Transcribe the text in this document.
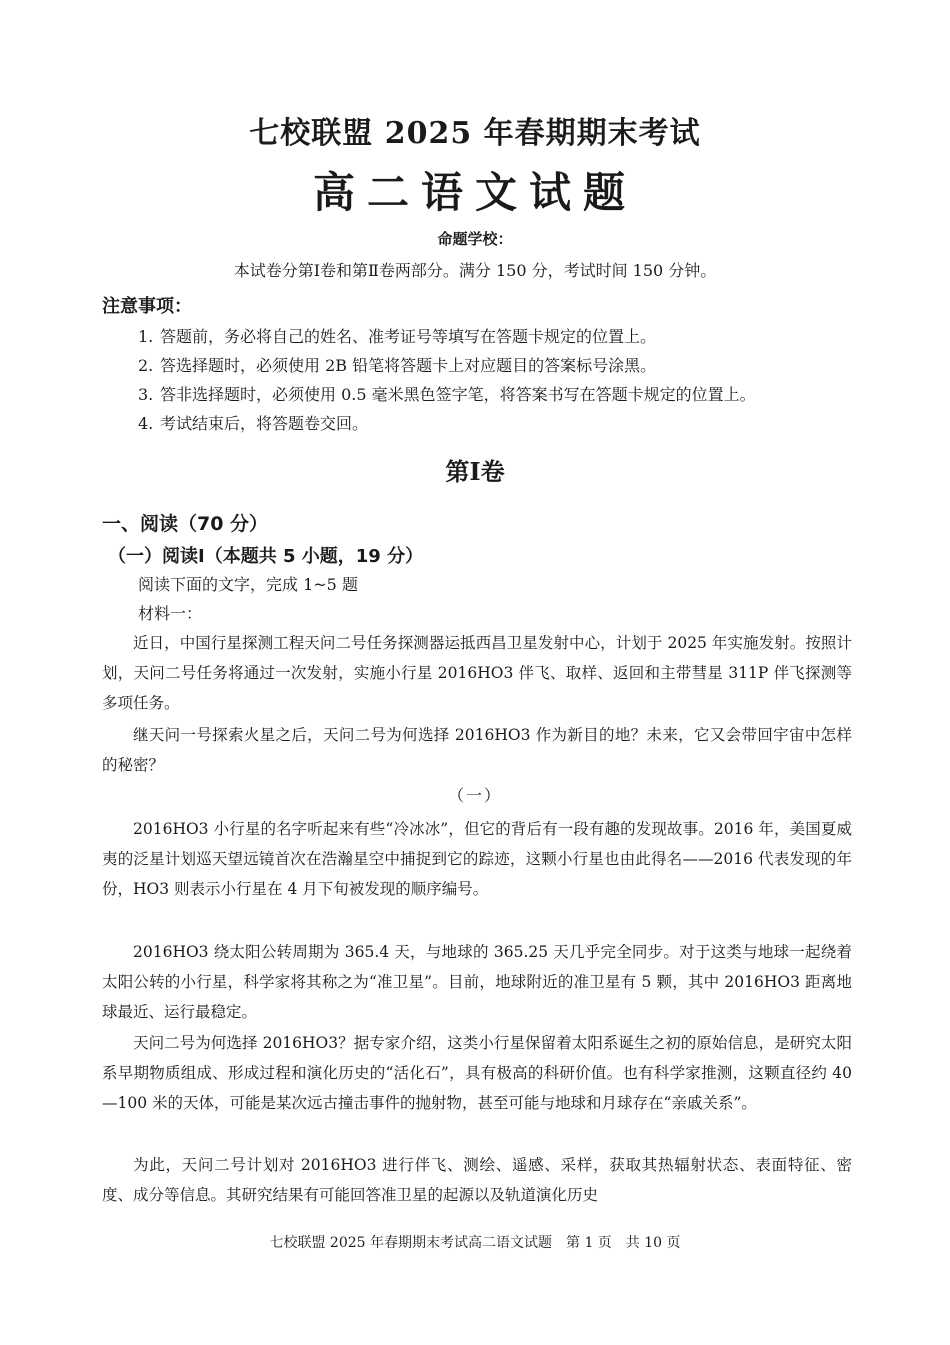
七校联盟 2025 年春期期末考试
高二语文试题
命题学校：
本试卷分第Ⅰ卷和第Ⅱ卷两部分。满分 150 分，考试时间 150 分钟。
注意事项：
1. 答题前，务必将自己的姓名、准考证号等填写在答题卡规定的位置上。
2. 答选择题时，必须使用 2B 铅笔将答题卡上对应题目的答案标号涂黑。
3. 答非选择题时，必须使用 0.5 毫米黑色签字笔，将答案书写在答题卡规定的位置上。
4. 考试结束后，将答题卷交回。
第Ⅰ卷
一、阅读（70 分）
（一）阅读Ⅰ（本题共 5 小题，19 分）
阅读下面的文字，完成 1~5 题
材料一：

近日，中国行星探测工程天问二号任务探测器运抵西昌卫星发射中心，计划于 2025 年实施发射。按照计划，天问二号任务将通过一次发射，实施小行星 2016HO3 伴飞、取样、返回和主带彗星 311P 伴飞探测等多项任务。

继天问一号探索火星之后，天问二号为何选择 2016HO3 作为新目的地？未来，它又会带回宇宙中怎样的秘密？

（一）

2016HO3 小行星的名字听起来有些“冷冰冰”，但它的背后有一段有趣的发现故事。2016 年，美国夏威夷的泛星计划巡天望远镜首次在浩瀚星空中捕捉到它的踪迹，这颗小行星也由此得名——2016 代表发现的年份，HO3 则表示小行星在 4 月下旬被发现的顺序编号。

2016HO3 绕太阳公转周期为 365.4 天，与地球的 365.25 天几乎完全同步。对于这类与地球一起绕着太阳公转的小行星，科学家将其称之为“准卫星”。目前，地球附近的准卫星有 5 颗，其中 2016HO3 距离地球最近、运行最稳定。

天问二号为何选择 2016HO3？据专家介绍，这类小行星保留着太阳系诞生之初的原始信息，是研究太阳系早期物质组成、形成过程和演化历史的“活化石”，具有极高的科研价值。也有科学家推测，这颗直径约 40—100 米的天体，可能是某次远古撞击事件的抛射物，甚至可能与地球和月球存在“亲戚关系”。

为此，天问二号计划对 2016HO3 进行伴飞、测绘、遥感、采样，获取其热辐射状态、表面特征、密度、成分等信息。其研究结果有可能回答准卫星的起源以及轨道演化历史

七校联盟 2025 年春期期末考试高二语文试题　第 1 页　共 10 页
